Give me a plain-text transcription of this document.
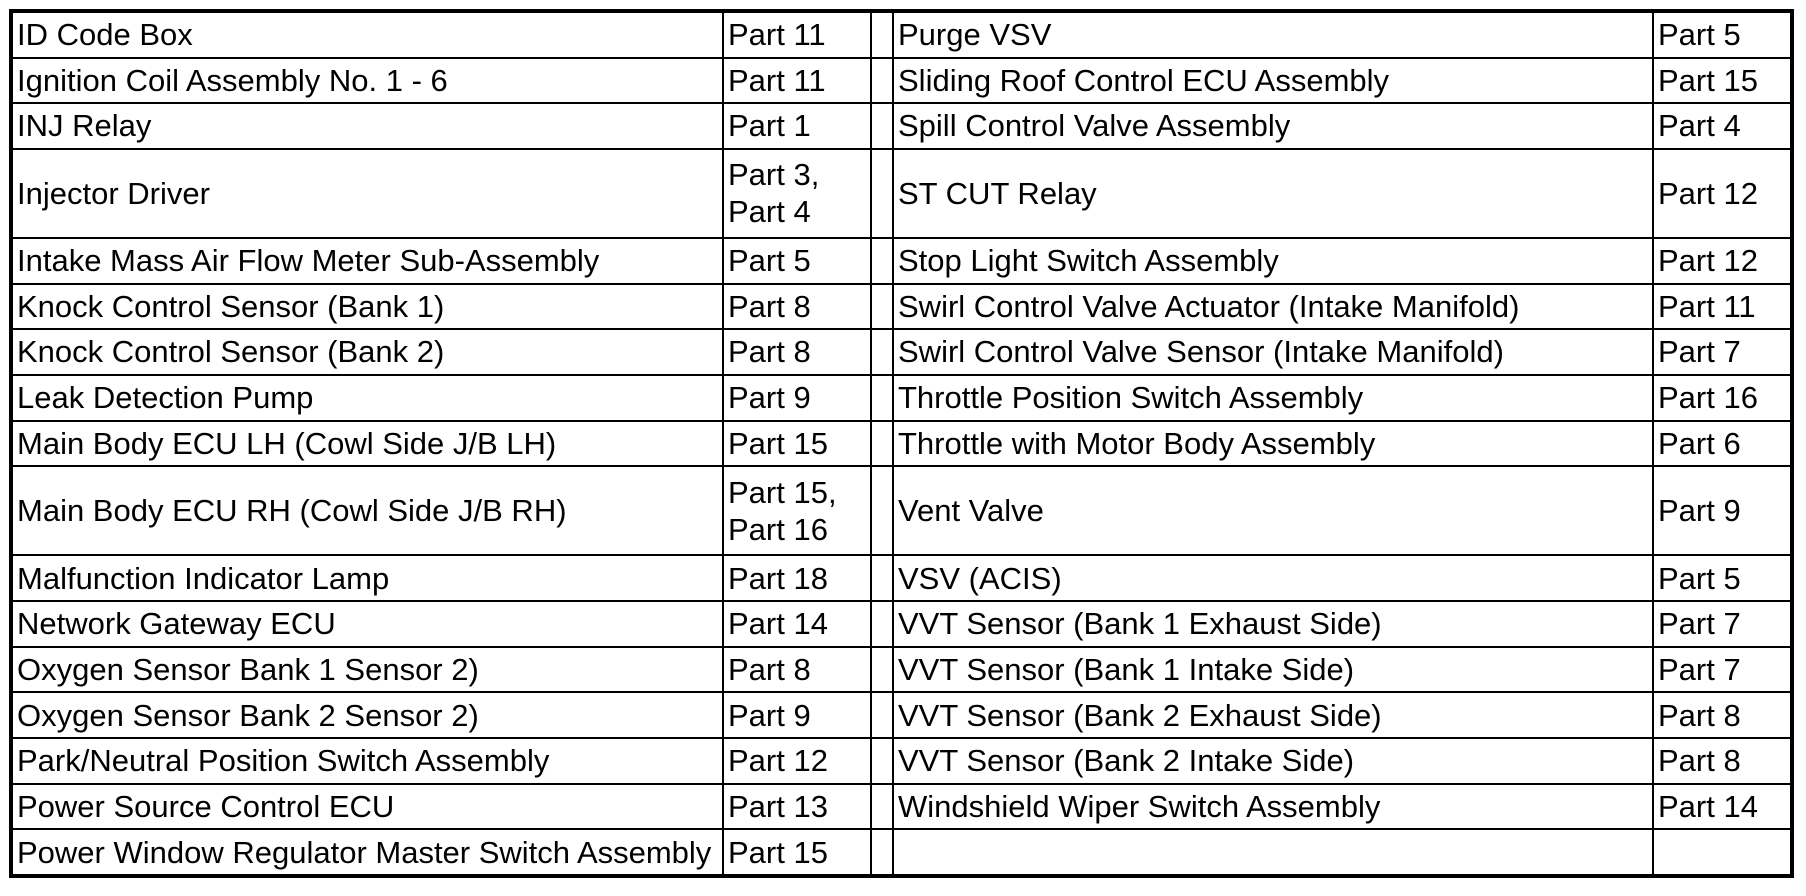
ID Code Box	Part 11		Purge VSV	Part 5
Ignition Coil Assembly No. 1 - 6	Part 11		Sliding Roof Control ECU Assembly	Part 15
INJ Relay	Part 1		Spill Control Valve Assembly	Part 4
Injector Driver	Part 3, Part 4		ST CUT Relay	Part 12
Intake Mass Air Flow Meter Sub-Assembly	Part 5		Stop Light Switch Assembly	Part 12
Knock Control Sensor (Bank 1)	Part 8		Swirl Control Valve Actuator (Intake Manifold)	Part 11
Knock Control Sensor (Bank 2)	Part 8		Swirl Control Valve Sensor (Intake Manifold)	Part 7
Leak Detection Pump	Part 9		Throttle Position Switch Assembly	Part 16
Main Body ECU LH (Cowl Side J/B LH)	Part 15		Throttle with Motor Body Assembly	Part 6
Main Body ECU RH (Cowl Side J/B RH)	Part 15, Part 16		Vent Valve	Part 9
Malfunction Indicator Lamp	Part 18		VSV (ACIS)	Part 5
Network Gateway ECU	Part 14		VVT Sensor (Bank 1 Exhaust Side)	Part 7
Oxygen Sensor Bank 1 Sensor 2)	Part 8		VVT Sensor (Bank 1 Intake Side)	Part 7
Oxygen Sensor Bank 2 Sensor 2)	Part 9		VVT Sensor (Bank 2 Exhaust Side)	Part 8
Park/Neutral Position Switch Assembly	Part 12		VVT Sensor (Bank 2 Intake Side)	Part 8
Power Source Control ECU	Part 13		Windshield Wiper Switch Assembly	Part 14
Power Window Regulator Master Switch Assembly	Part 15			
